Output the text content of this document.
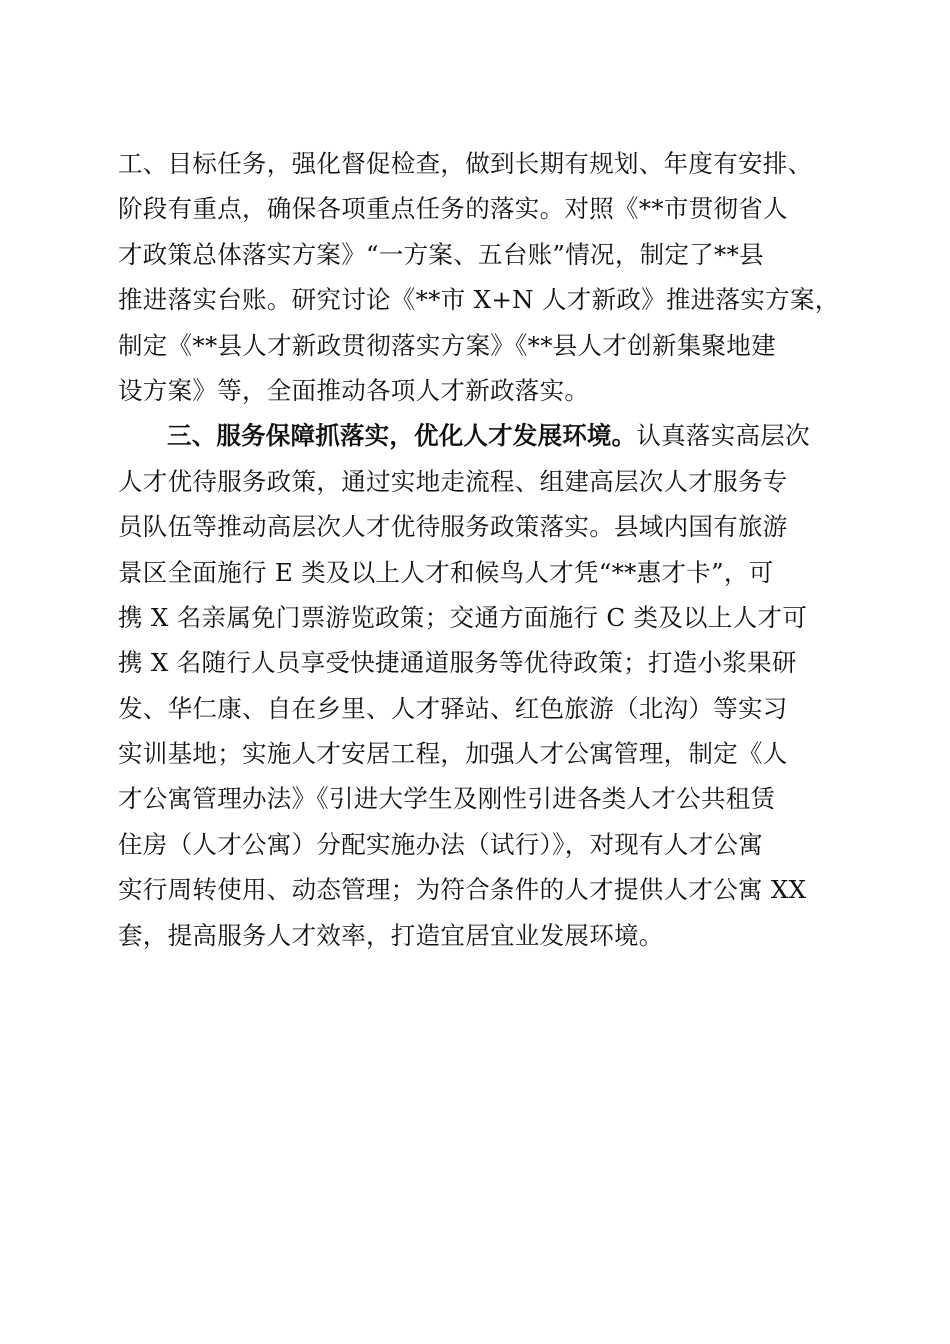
工、目标任务，强化督促检查，做到长期有规划、年度有安排、
阶段有重点，确保各项重点任务的落实。对照《**市贯彻省人
才政策总体落实方案》“一方案、五台账”情况，制定了**县
推进落实台账。研究讨论《**市 X+N 人才新政》推进落实方案，
制定《**县人才新政贯彻落实方案》《**县人才创新集聚地建
设方案》等，全面推动各项人才新政落实。
三、服务保障抓落实，优化人才发展环境。认真落实高层次
人才优待服务政策，通过实地走流程、组建高层次人才服务专
员队伍等推动高层次人才优待服务政策落实。县域内国有旅游
景区全面施行 E 类及以上人才和候鸟人才凭“**惠才卡”，可
携 X 名亲属免门票游览政策；交通方面施行 C 类及以上人才可
携 X 名随行人员享受快捷通道服务等优待政策；打造小浆果研
发、华仁康、自在乡里、人才驿站、红色旅游（北沟）等实习
实训基地；实施人才安居工程，加强人才公寓管理，制定《人
才公寓管理办法》《引进大学生及刚性引进各类人才公共租赁
住房（人才公寓）分配实施办法（试行）》，对现有人才公寓
实行周转使用、动态管理；为符合条件的人才提供人才公寓 XX
套，提高服务人才效率，打造宜居宜业发展环境。
